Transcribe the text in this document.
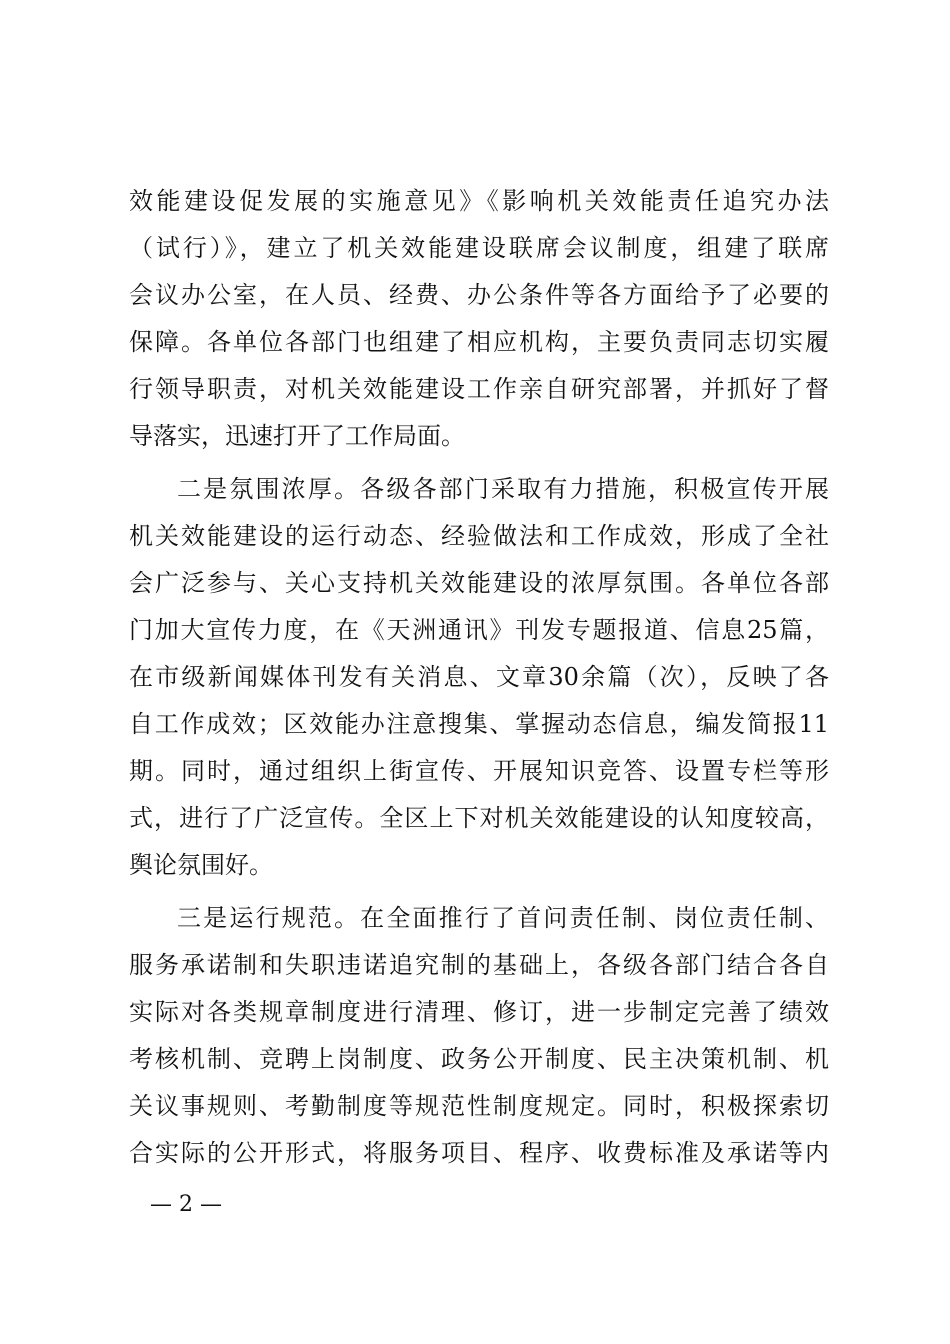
效能建设促发展的实施意见》《影响机关效能责任追究办法
（试行）》，建立了机关效能建设联席会议制度，组建了联席
会议办公室，在人员、经费、办公条件等各方面给予了必要的
保障。各单位各部门也组建了相应机构，主要负责同志切实履
行领导职责，对机关效能建设工作亲自研究部署，并抓好了督
导落实，迅速打开了工作局面。
二是氛围浓厚。各级各部门采取有力措施，积极宣传开展
机关效能建设的运行动态、经验做法和工作成效，形成了全社
会广泛参与、关心支持机关效能建设的浓厚氛围。各单位各部
门加大宣传力度，在《天洲通讯》刊发专题报道、信息25篇，
在市级新闻媒体刊发有关消息、文章30余篇（次），反映了各
自工作成效；区效能办注意搜集、掌握动态信息，编发简报11
期。同时，通过组织上街宣传、开展知识竞答、设置专栏等形
式，进行了广泛宣传。全区上下对机关效能建设的认知度较高，
舆论氛围好。
三是运行规范。在全面推行了首问责任制、岗位责任制、
服务承诺制和失职违诺追究制的基础上，各级各部门结合各自
实际对各类规章制度进行清理、修订，进一步制定完善了绩效
考核机制、竞聘上岗制度、政务公开制度、民主决策机制、机
关议事规则、考勤制度等规范性制度规定。同时，积极探索切
合实际的公开形式，将服务项目、程序、收费标准及承诺等内
— 2 —
